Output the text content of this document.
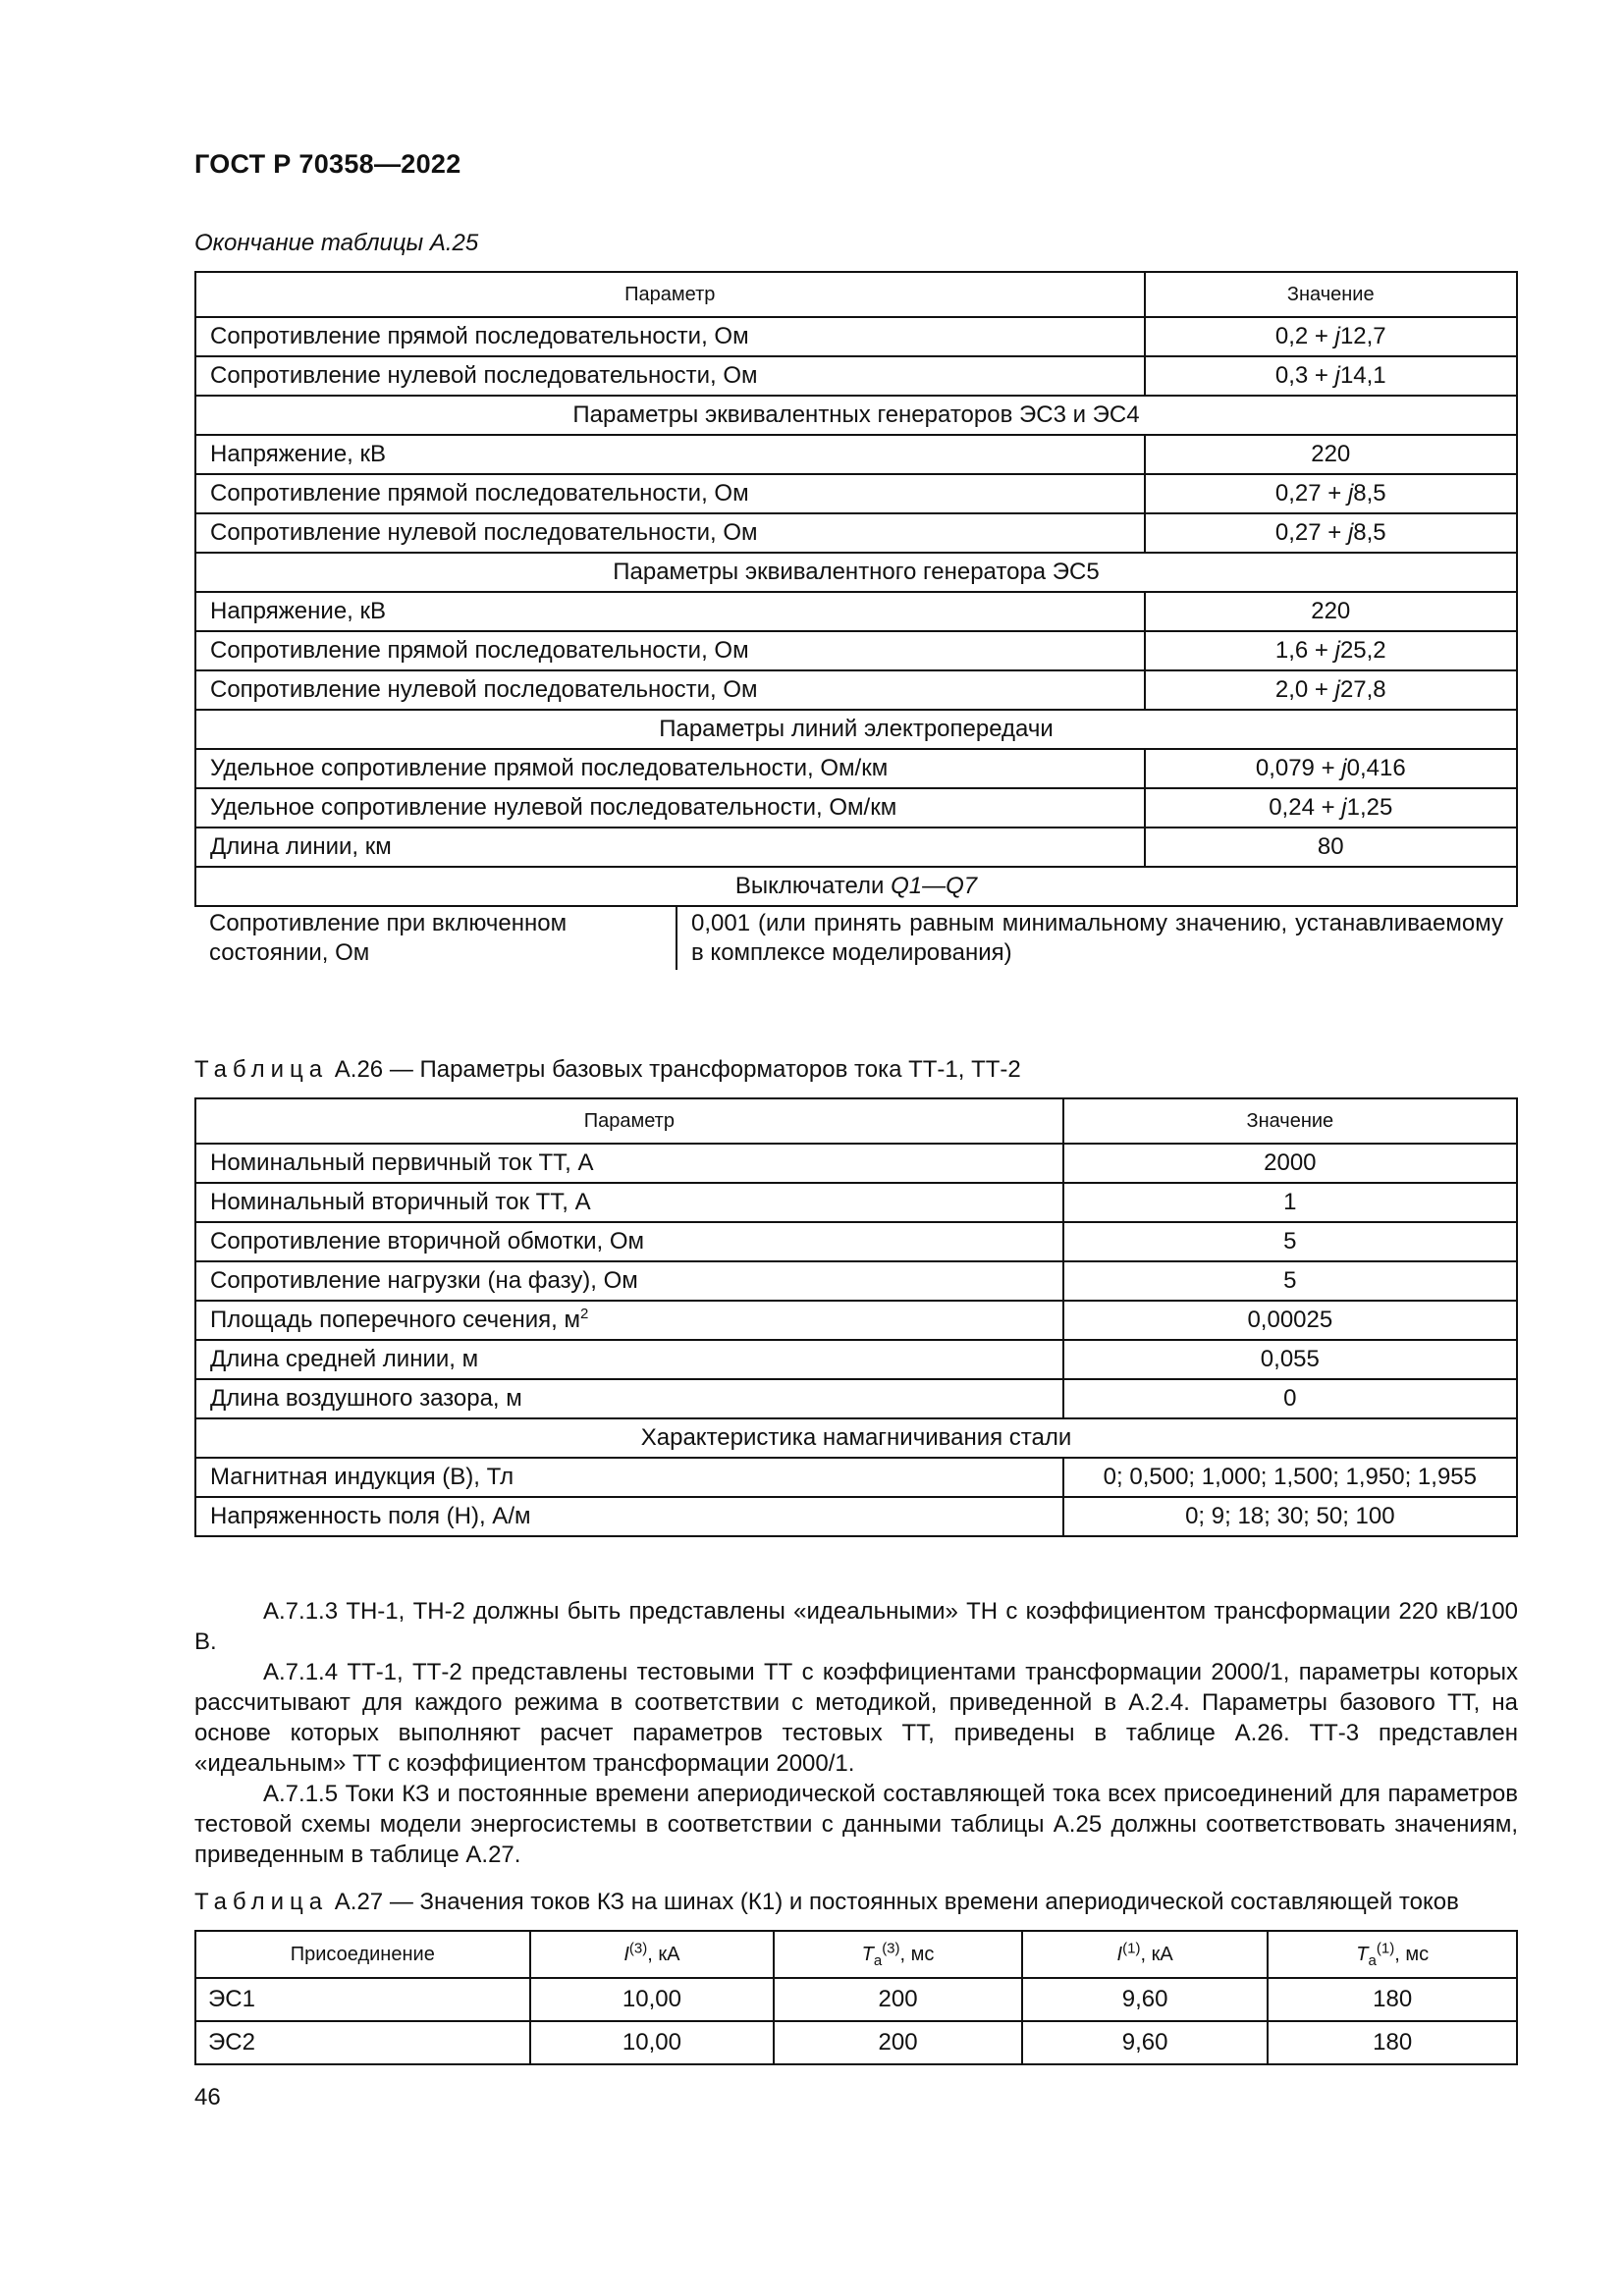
ГОСТ Р 70358—2022
Окончание таблицы А.25
Параметр	Значение
Сопротивление прямой последовательности, Ом	0,2 + j12,7
Сопротивление нулевой последовательности, Ом	0,3 + j14,1
Параметры эквивалентных генераторов ЭС3 и ЭС4
Напряжение, кВ	220
Сопротивление прямой последовательности, Ом	0,27 + j8,5
Сопротивление нулевой последовательности, Ом	0,27 + j8,5
Параметры эквивалентного генератора ЭС5
Напряжение, кВ	220
Сопротивление прямой последовательности, Ом	1,6 + j25,2
Сопротивление нулевой последовательности, Ом	2,0 + j27,8
Параметры линий электропередачи
Удельное сопротивление прямой последовательности, Ом/км	0,079 + j0,416
Удельное сопротивление нулевой последовательности, Ом/км	0,24 + j1,25
Длина линии, км	80
Выключатели Q1—Q7

Сопротивление при включенном состоянии, Ом	0,001 (или принять равным минимальному значению, устанавливаемому в комплексе моделирования)
Таблица А.26 — Параметры базовых трансформаторов тока ТТ-1, ТТ-2
Параметр	Значение
Номинальный первичный ток ТТ, А	2000
Номинальный вторичный ток ТТ, А	1
Сопротивление вторичной обмотки, Ом	5
Сопротивление нагрузки (на фазу), Ом	5
Площадь поперечного сечения, $м^2$	0,00025
Длина средней линии, м	0,055
Длина воздушного зазора, м	0
Характеристика намагничивания стали	
Магнитная индукция (В), Тл	0; 0,500; 1,000; 1,500; 1,950; 1,955
Напряженность поля (Н), А/м	0; 9; 18; 30; 50; 100

А.7.1.3 ТН-1, ТН-2 должны быть представлены «идеальными» ТН с коэффициентом трансформации 220 кВ/100 В.

А.7.1.4 ТТ-1, ТТ-2 представлены тестовыми ТТ с коэффициентами трансформации 2000/1, параметры которых рассчитывают для каждого режима в соответствии с методикой, приведенной в А.2.4. Параметры базового ТТ, на основе которых выполняют расчет параметров тестовых ТТ, приведены в таблице А.26. ТТ-3 представлен «идеальным» ТТ с коэффициентом трансформации 2000/1.

А.7.1.5 Токи КЗ и постоянные времени апериодической составляющей тока всех присоединений для параметров тестовой схемы модели энергосистемы в соответствии с данными таблицы А.25 должны соответствовать значениям, приведенным в таблице А.27.

Таблица А.27 — Значения токов КЗ на шинах (К1) и постоянных времени апериодической составляющей токов
Присоединение	$I^{(3)}$, кА	$T_a^{(3)}$, мс	$I^{(1)}$, кА	$T_a^{(1)}$, мс
ЭС1	10,00	200	9,60	180
ЭС2	10,00	200	9,60	180
46
